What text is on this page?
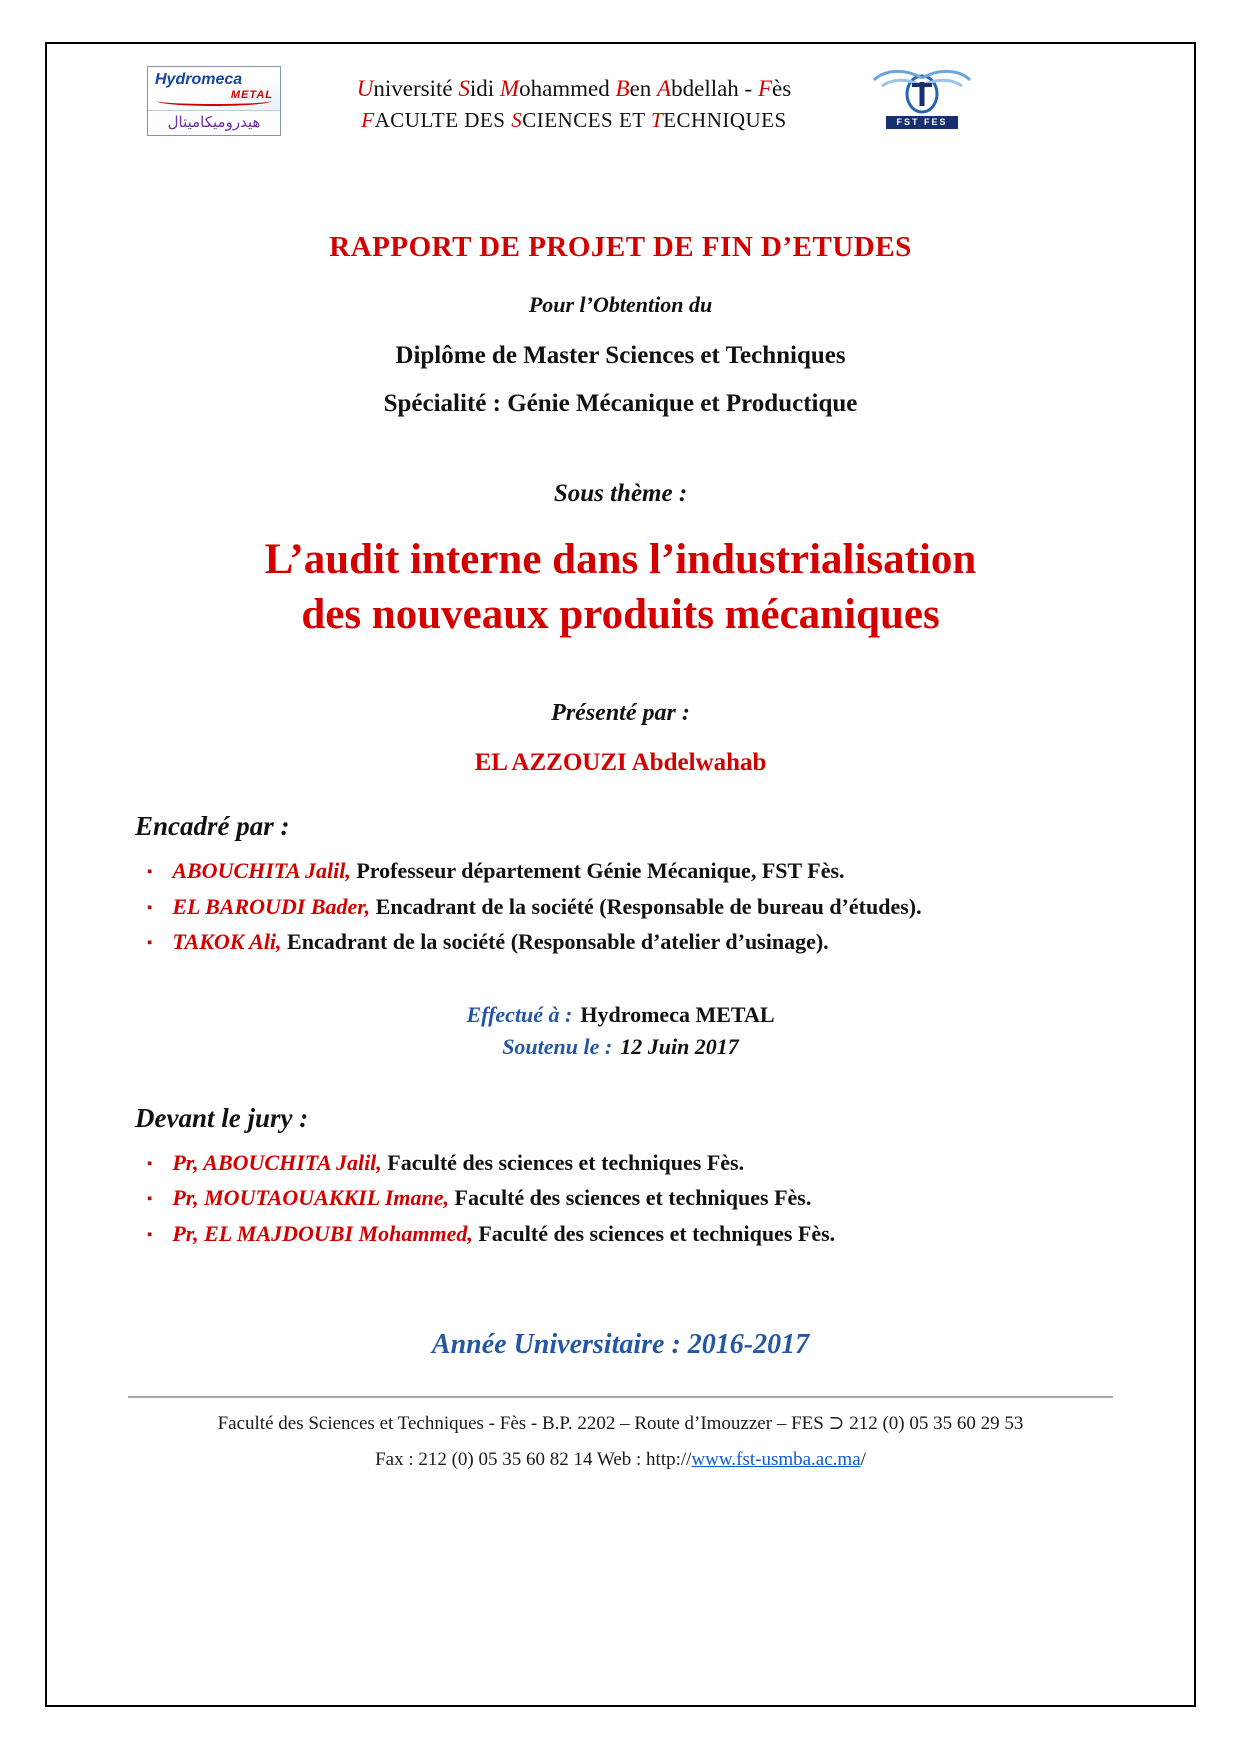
Hydromeca
METAL
هيدروميكاميتال
Université Sidi Mohammed Ben Abdellah - Fès
FACULTE DES SCIENCES ET TECHNIQUES	FST FES
RAPPORT DE PROJET DE FIN D’ETUDES

Pour l’Obtention du

Diplôme de Master Sciences et Techniques

Spécialité : Génie Mécanique et Productique

Sous thème :

L’audit interne dans l’industrialisation
des nouveaux produits mécaniques

Présenté par :

EL AZZOUZI Abdelwahab

Encadré par :

▪ ABOUCHITA Jalil, Professeur département Génie Mécanique, FST Fès.
▪ EL BAROUDI Bader, Encadrant de la société (Responsable de bureau d’études).
▪ TAKOK Ali, Encadrant de la société (Responsable d’atelier d’usinage).
Effectué à : Hydromeca METAL
Soutenu le : 12 Juin 2017

Devant le jury :

▪ Pr, ABOUCHITA Jalil, Faculté des sciences et techniques Fès.
▪ Pr, MOUTAOUAKKIL Imane, Faculté des sciences et techniques Fès.
▪ Pr, EL MAJDOUBI Mohammed, Faculté des sciences et techniques Fès.

Année Universitaire : 2016-2017

Faculté des Sciences et Techniques - Fès - B.P. 2202 – Route d’Imouzzer – FES ⊃ 212 (0) 05 35 60 29 53

Fax : 212 (0) 05 35 60 82 14 Web : http://www.fst-usmba.ac.ma/
